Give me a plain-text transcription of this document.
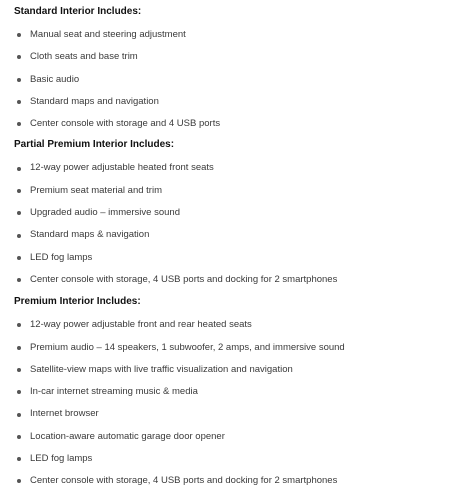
Standard Interior Includes:
Manual seat and steering adjustment
Cloth seats and base trim
Basic audio
Standard maps and navigation
Center console with storage and 4 USB ports
Partial Premium Interior Includes:
12-way power adjustable heated front seats
Premium seat material and trim
Upgraded audio – immersive sound
Standard maps & navigation
LED fog lamps
Center console with storage, 4 USB ports and docking for 2 smartphones
Premium Interior Includes:
12-way power adjustable front and rear heated seats
Premium audio – 14 speakers, 1 subwoofer, 2 amps, and immersive sound
Satellite-view maps with live traffic visualization and navigation
In-car internet streaming music & media
Internet browser
Location-aware automatic garage door opener
LED fog lamps
Center console with storage, 4 USB ports and docking for 2 smartphones
